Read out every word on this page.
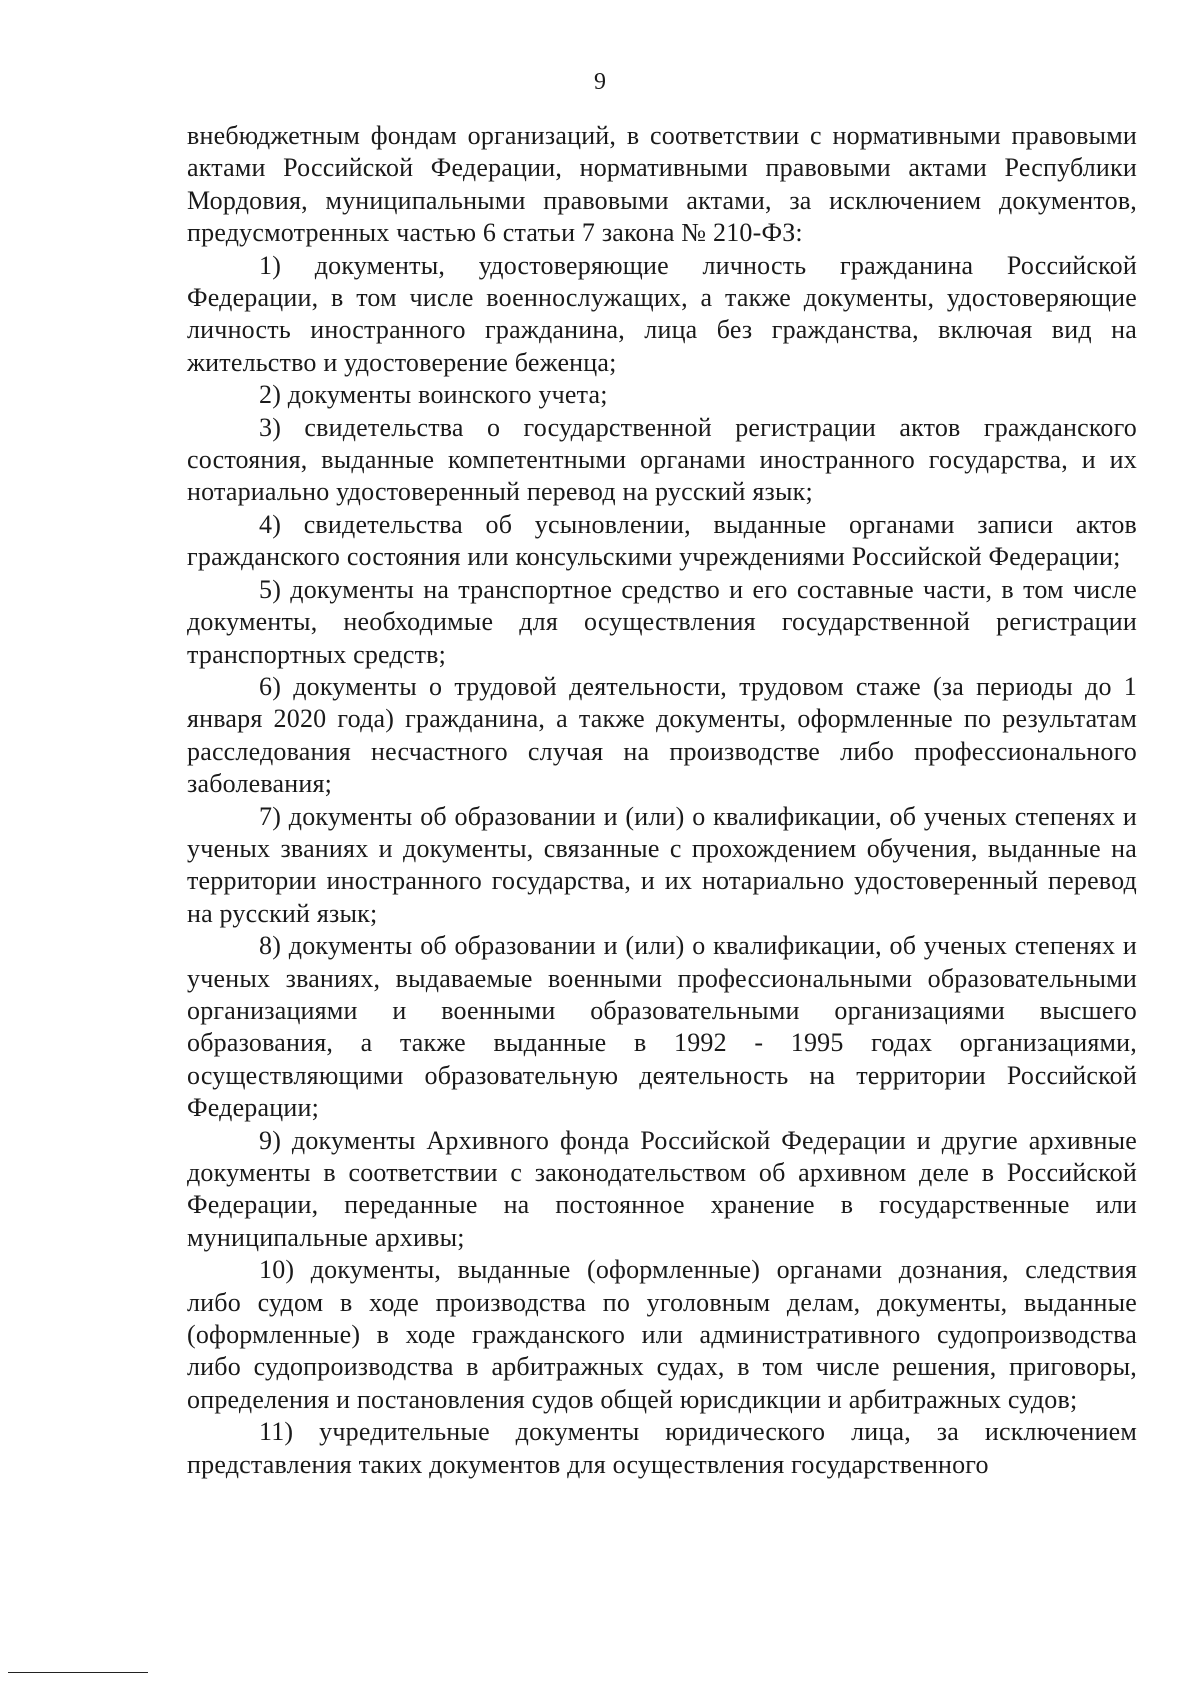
9

внебюджетным фондам организаций, в соответствии с нормативными правовыми актами Российской Федерации, нормативными правовыми актами Республики Мордовия, муниципальными правовыми актами, за исключением документов, предусмотренных частью 6 статьи 7 закона № 210-ФЗ:

1) документы, удостоверяющие личность гражданина Российской Федерации, в том числе военнослужащих, а также документы, удостоверяющие личность иностранного гражданина, лица без гражданства, включая вид на жительство и удостоверение беженца;

2) документы воинского учета;

3) свидетельства о государственной регистрации актов гражданского состояния, выданные компетентными органами иностранного государства, и их нотариально удостоверенный перевод на русский язык;

4) свидетельства об усыновлении, выданные органами записи актов гражданского состояния или консульскими учреждениями Российской Федерации;

5) документы на транспортное средство и его составные части, в том числе документы, необходимые для осуществления государственной регистрации транспортных средств;

6) документы о трудовой деятельности, трудовом стаже (за периоды до 1 января 2020 года) гражданина, а также документы, оформленные по результатам расследования несчастного случая на производстве либо профессионального заболевания;

7) документы об образовании и (или) о квалификации, об ученых степенях и ученых званиях и документы, связанные с прохождением обучения, выданные на территории иностранного государства, и их нотариально удостоверенный перевод на русский язык;

8) документы об образовании и (или) о квалификации, об ученых степенях и ученых званиях, выдаваемые военными профессиональными образовательными организациями и военными образовательными организациями высшего образования, а также выданные в 1992 - 1995 годах организациями, осуществляющими образовательную деятельность на территории Российской Федерации;

9) документы Архивного фонда Российской Федерации и другие архивные документы в соответствии с законодательством об архивном деле в Российской Федерации, переданные на постоянное хранение в государственные или муниципальные архивы;

10) документы, выданные (оформленные) органами дознания, следствия либо судом в ходе производства по уголовным делам, документы, выданные (оформленные) в ходе гражданского или административного судопроизводства либо судопроизводства в арбитражных судах, в том числе решения, приговоры, определения и постановления судов общей юрисдикции и арбитражных судов;

11) учредительные документы юридического лица, за исключением представления таких документов для осуществления государственного
